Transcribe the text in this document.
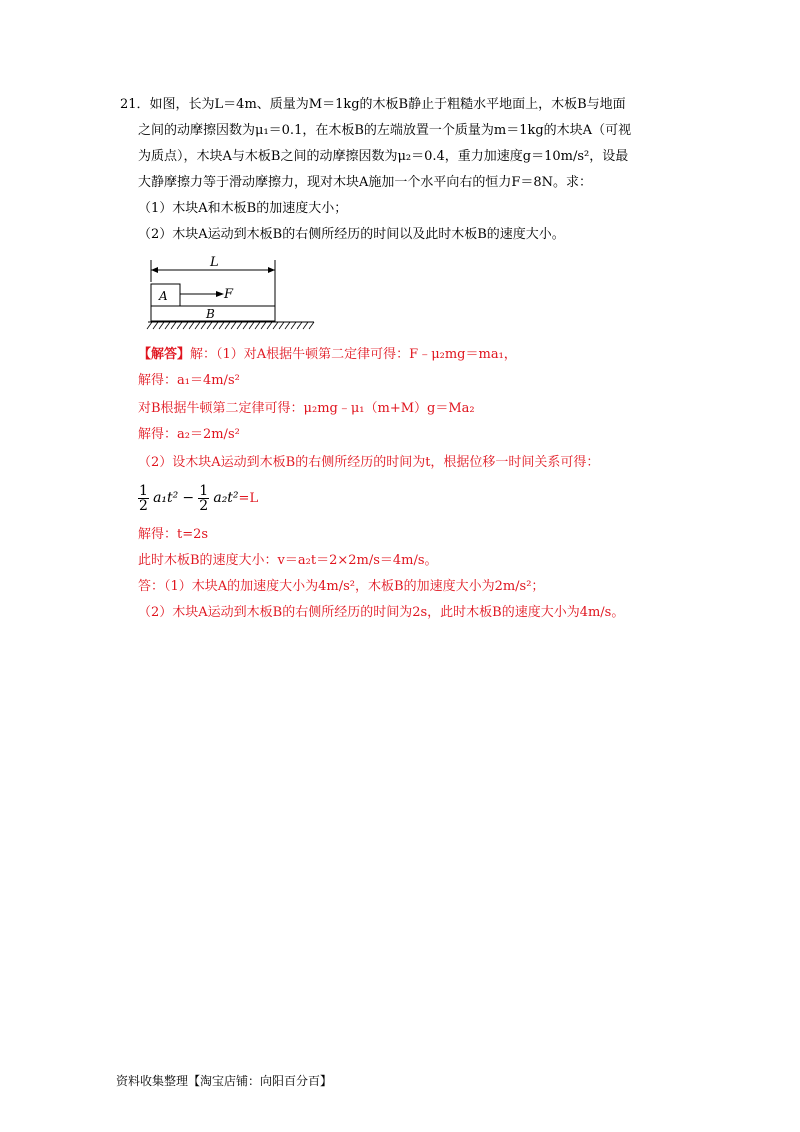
21．如图，长为L＝4m、质量为M＝1kg的木板B静止于粗糙水平地面上，木板B与地面
之间的动摩擦因数为μ₁＝0.1，在木板B的左端放置一个质量为m＝1kg的木块A（可视
为质点），木块A与木板B之间的动摩擦因数为μ₂＝0.4，重力加速度g＝10m/s²，设最
大静摩擦力等于滑动摩擦力，现对木块A施加一个水平向右的恒力F＝8N。求：
（1）木块A和木板B的加速度大小；
（2）木块A运动到木板B的右侧所经历的时间以及此时木板B的速度大小。
L
A	F
B
【解答】解：（1）对A根据牛顿第二定律可得：F﹣μ₂mg＝ma₁，
解得：a₁＝4m/s²
对B根据牛顿第二定律可得：μ₂mg﹣μ₁（m+M）g＝Ma₂
解得：a₂＝2m/s²
（2）设木块A运动到木板B的右侧所经历的时间为t，根据位移一时间关系可得：
$\frac{1}{2} a_1t^2 - \frac{1}{2} a_2t^2=L$
解得：t=2s
此时木板B的速度大小：v＝a₂t＝2×2m/s＝4m/s。
答：（1）木块A的加速度大小为4m/s²，木板B的加速度大小为2m/s²；
（2）木块A运动到木板B的右侧所经历的时间为2s，此时木板B的速度大小为4m/s。
资料收集整理【淘宝店铺：向阳百分百】
